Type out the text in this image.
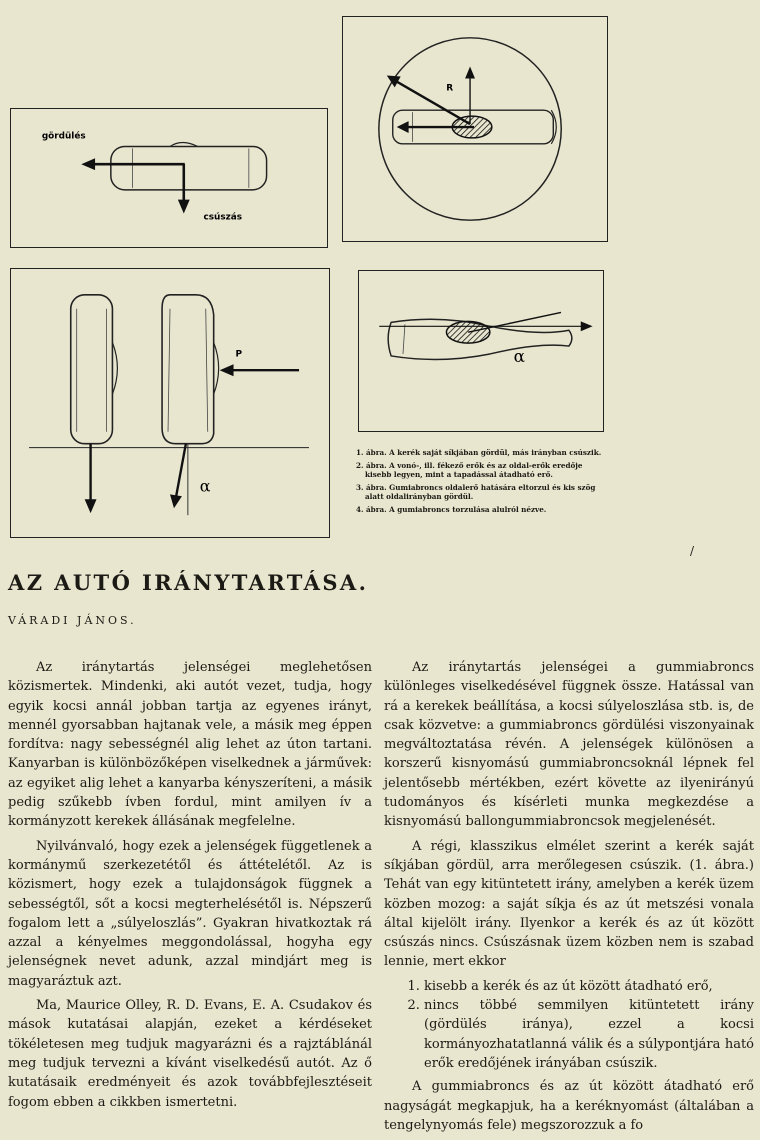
gördülés
csúszás
R
P
α
α
1. ábra. A kerék saját síkjában gördül, más irányban csúszik.
2. ábra. A vonó-, ill. fékező erők és az oldal-erők eredője kisebb legyen, mint a tapadással átadható erő.
3. ábra. Gumiabroncs oldalerő hatására eltorzul és kis szög alatt oldalirányban gördül.
4. ábra. A gumiabroncs torzulása alulról nézve.
/
AZ AUTÓ IRÁNYTARTÁSA.
VÁRADI JÁNOS.

Az iránytartás jelenségei meglehetősen közismertek. Mindenki, aki autót vezet, tudja, hogy egyik kocsi annál jobban tartja az egyenes irányt, mennél gyorsabban hajtanak vele, a másik meg éppen fordítva: nagy sebességnél alig lehet az úton tartani. Kanyarban is különbözőképen viselkednek a járművek: az egyiket alig lehet a kanyarba kényszeríteni, a másik pedig szűkebb ívben fordul, mint amilyen ív a kormányzott kerekek állásának megfelelne.

Nyilvánvaló, hogy ezek a jelenségek függetlenek a kormánymű szerkezetétől és áttételétől. Az is közismert, hogy ezek a tulajdonságok függnek a sebességtől, sőt a kocsi megterhelésétől is. Népszerű fogalom lett a „súlyeloszlás”. Gyakran hivatkoztak rá azzal a kényelmes meggondolással, hogyha egy jelenségnek nevet adunk, azzal mindjárt meg is magyaráztuk azt.

Ma, Maurice Olley, R. D. Evans, E. A. Csudakov és mások kutatásai alapján, ezeket a kérdéseket tökéletesen meg tudjuk magyarázni és a rajztáblánál meg tudjuk tervezni a kívánt viselkedésű autót. Az ő kutatásaik eredményeit és azok továbbfejlesztéseit fogom ebben a cikkben ismertetni.

Az iránytartás jelenségei a gummiabroncs különleges viselkedésével függnek össze. Hatással van rá a kerekek beállítása, a kocsi súlyeloszlása stb. is, de csak közvetve: a gummiabroncs gördülési viszonyainak megváltoztatása révén. A jelenségek különösen a korszerű kisnyomású gummiabroncsoknál lépnek fel jelentősebb mértékben, ezért követte az ilyenirányú tudományos és kísérleti munka megkezdése a kisnyomású ballongummiabroncsok megjelenését.

A régi, klasszikus elmélet szerint a kerék saját síkjában gördül, arra merőlegesen csúszik. (1. ábra.) Tehát van egy kitüntetett irány, amelyben a kerék üzem közben mozog: a saját síkja és az út metszési vonala által kijelölt irány. Ilyenkor a kerék és az út között csúszás nincs. Csúszásnak üzem közben nem is szabad lennie, mert ekkor

1. kisebb a kerék és az út között átadható erő,
2. nincs többé semmilyen kitüntetett irány (gördülés iránya), ezzel a kocsi kormányozhatatlanná válik és a súlypontjára ható erők eredőjének irányában csúszik.

A gummiabroncs és az út között átadható erő nagyságát megkapjuk, ha a keréknyomást (általában a tengelynyomás fele) megszorozzuk a fo
